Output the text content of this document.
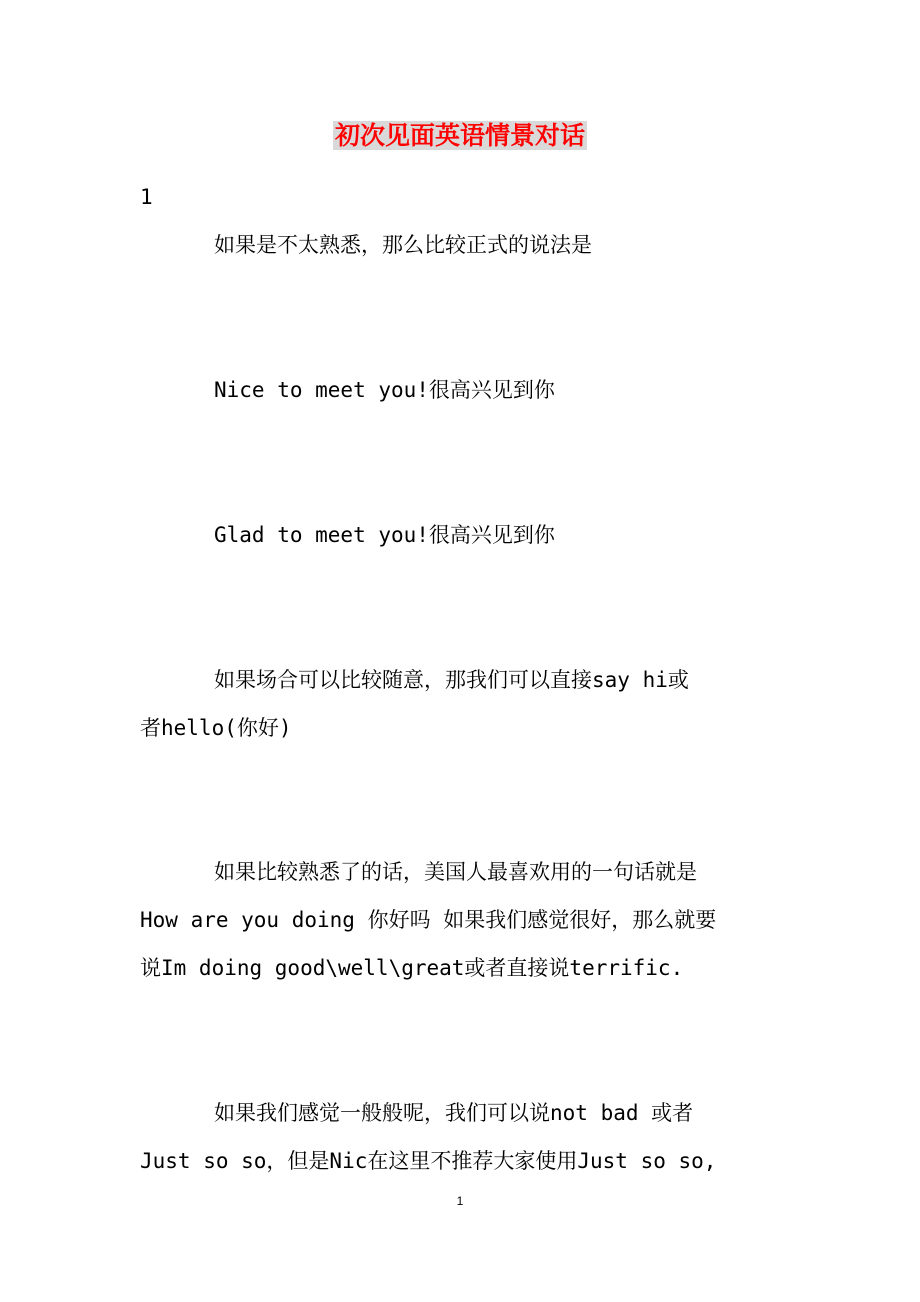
初次见面英语情景对话
1
如果是不太熟悉，那么比较正式的说法是
Nice to meet you!很高兴见到你
Glad to meet you!很高兴见到你
如果场合可以比较随意，那我们可以直接say hi或
者hello(你好)
如果比较熟悉了的话，美国人最喜欢用的一句话就是
How are you doing 你好吗 如果我们感觉很好，那么就要
说Im doing good\well\great或者直接说terrific.
如果我们感觉一般般呢，我们可以说not bad 或者
Just so so，但是Nic在这里不推荐大家使用Just so so,
1
